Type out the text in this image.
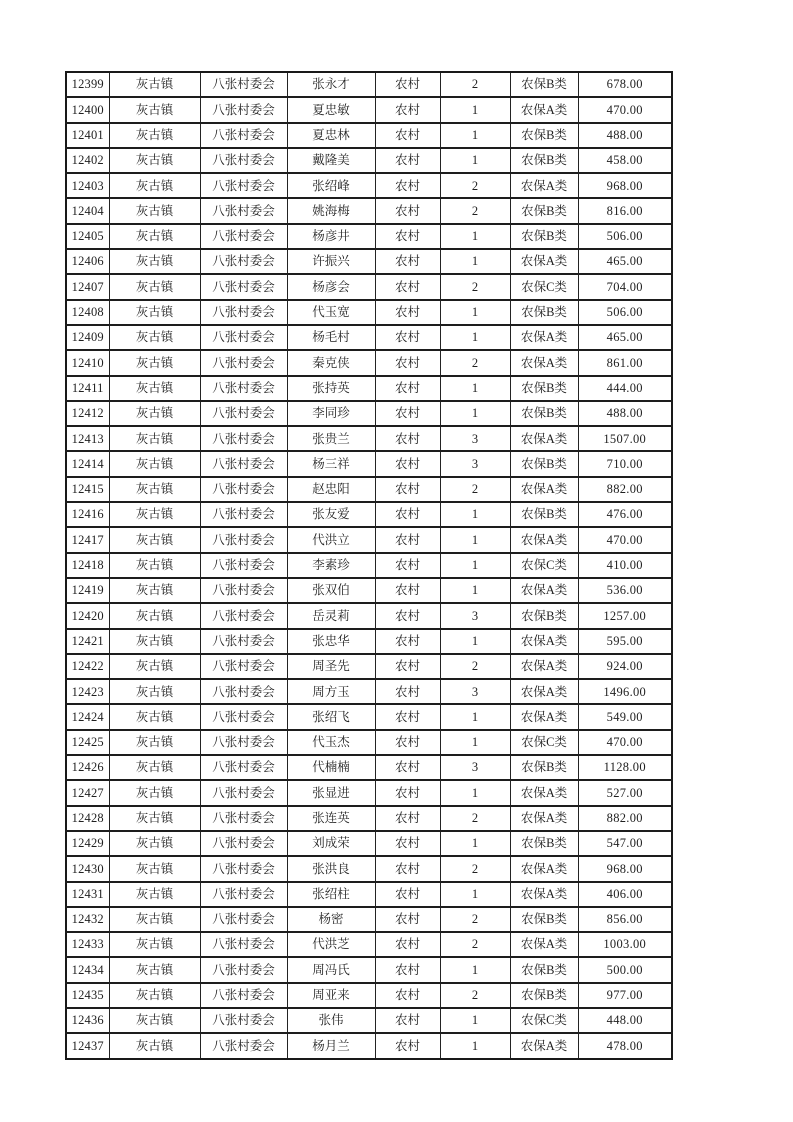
12399	灰古镇	八张村委会	张永才	农村	2	农保B类	678.00
12400	灰古镇	八张村委会	夏忠敏	农村	1	农保A类	470.00
12401	灰古镇	八张村委会	夏忠林	农村	1	农保B类	488.00
12402	灰古镇	八张村委会	戴隆美	农村	1	农保B类	458.00
12403	灰古镇	八张村委会	张绍峰	农村	2	农保A类	968.00
12404	灰古镇	八张村委会	姚海梅	农村	2	农保B类	816.00
12405	灰古镇	八张村委会	杨彦井	农村	1	农保B类	506.00
12406	灰古镇	八张村委会	许振兴	农村	1	农保A类	465.00
12407	灰古镇	八张村委会	杨彦会	农村	2	农保C类	704.00
12408	灰古镇	八张村委会	代玉宽	农村	1	农保B类	506.00
12409	灰古镇	八张村委会	杨毛村	农村	1	农保A类	465.00
12410	灰古镇	八张村委会	秦克侠	农村	2	农保A类	861.00
12411	灰古镇	八张村委会	张持英	农村	1	农保B类	444.00
12412	灰古镇	八张村委会	李同珍	农村	1	农保B类	488.00
12413	灰古镇	八张村委会	张贵兰	农村	3	农保A类	1507.00
12414	灰古镇	八张村委会	杨三祥	农村	3	农保B类	710.00
12415	灰古镇	八张村委会	赵忠阳	农村	2	农保A类	882.00
12416	灰古镇	八张村委会	张友爱	农村	1	农保B类	476.00
12417	灰古镇	八张村委会	代洪立	农村	1	农保A类	470.00
12418	灰古镇	八张村委会	李素珍	农村	1	农保C类	410.00
12419	灰古镇	八张村委会	张双伯	农村	1	农保A类	536.00
12420	灰古镇	八张村委会	岳灵莉	农村	3	农保B类	1257.00
12421	灰古镇	八张村委会	张忠华	农村	1	农保A类	595.00
12422	灰古镇	八张村委会	周圣先	农村	2	农保A类	924.00
12423	灰古镇	八张村委会	周方玉	农村	3	农保A类	1496.00
12424	灰古镇	八张村委会	张绍飞	农村	1	农保A类	549.00
12425	灰古镇	八张村委会	代玉杰	农村	1	农保C类	470.00
12426	灰古镇	八张村委会	代楠楠	农村	3	农保B类	1128.00
12427	灰古镇	八张村委会	张显进	农村	1	农保A类	527.00
12428	灰古镇	八张村委会	张连英	农村	2	农保A类	882.00
12429	灰古镇	八张村委会	刘成荣	农村	1	农保B类	547.00
12430	灰古镇	八张村委会	张洪良	农村	2	农保A类	968.00
12431	灰古镇	八张村委会	张绍柱	农村	1	农保A类	406.00
12432	灰古镇	八张村委会	杨密	农村	2	农保B类	856.00
12433	灰古镇	八张村委会	代洪芝	农村	2	农保A类	1003.00
12434	灰古镇	八张村委会	周冯氏	农村	1	农保B类	500.00
12435	灰古镇	八张村委会	周亚来	农村	2	农保B类	977.00
12436	灰古镇	八张村委会	张伟	农村	1	农保C类	448.00
12437	灰古镇	八张村委会	杨月兰	农村	1	农保A类	478.00
